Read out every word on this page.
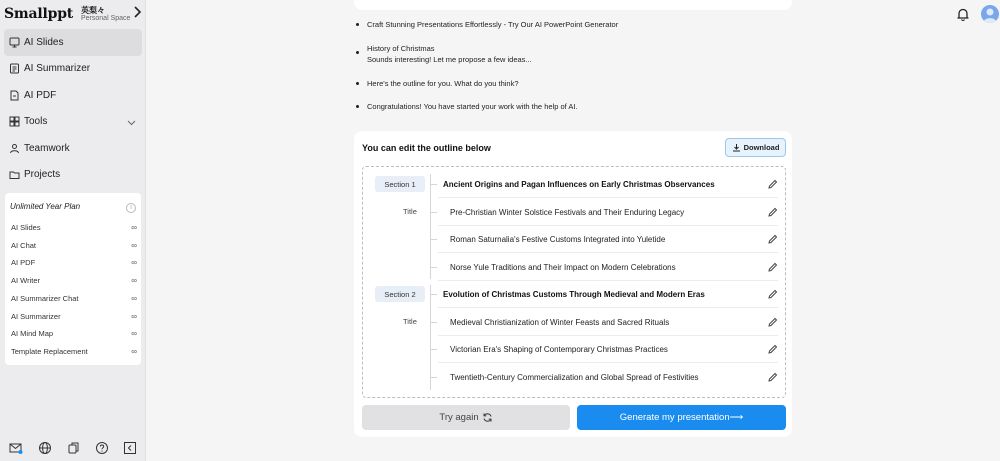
Smallppt 英梨々
Personal Space
AI Slides
AI Summarizer
AI PDF
Tools
Teamwork
Projects
Unlimited Year Plan	i
AI Slides	∞
AI Chat	∞
AI PDF	∞
AI Writer	∞
AI Summarizer Chat	∞
AI Summarizer	∞
AI Mind Map	∞
Template Replacement	∞
Craft Stunning Presentations Effortlessly - Try Our AI PowerPoint Generator
History of Christmas
Sounds interesting! Let me propose a few ideas...
Here's the outline for you. What do you think?
Congratulations! You have started your work with the help of AI.
You can edit the outline below	Download
Section 1
Title
Ancient Origins and Pagan Influences on Early Christmas Observances
Pre-Christian Winter Solstice Festivals and Their Enduring Legacy
Roman Saturnalia's Festive Customs Integrated into Yuletide
Norse Yule Traditions and Their Impact on Modern Celebrations
Section 2
Title
Evolution of Christmas Customs Through Medieval and Modern Eras
Medieval Christianization of Winter Feasts and Sacred Rituals
Victorian Era's Shaping of Contemporary Christmas Practices
Twentieth-Century Commercialization and Global Spread of Festivities
Try again	Generate my presentation⟶
